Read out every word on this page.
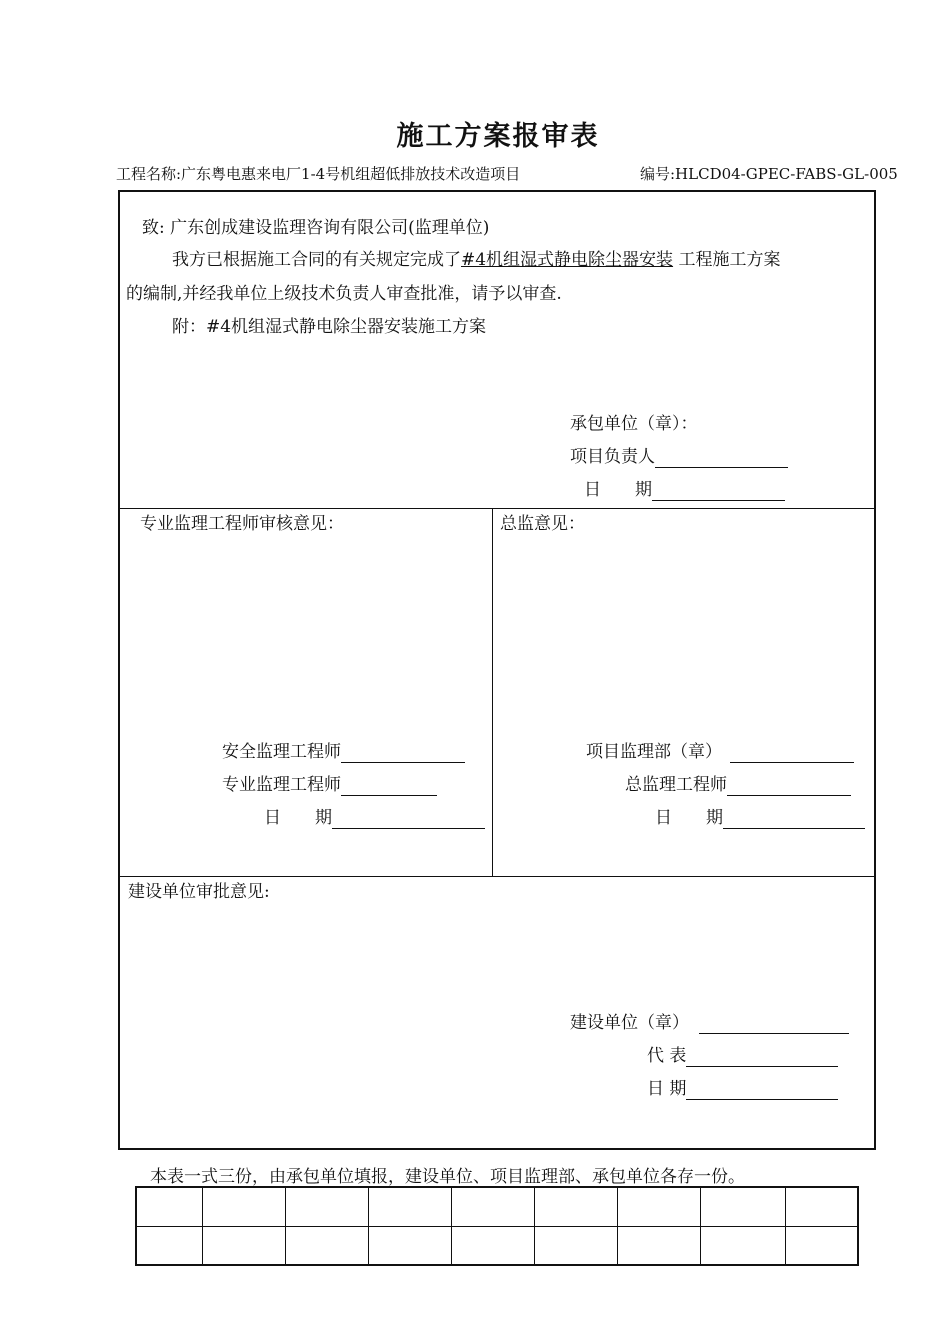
施工方案报审表
工程名称:广东粤电惠来电厂1-4号机组超低排放技术改造项目	编号:HLCD04-GPEC-FABS-GL-005
致: 广东创成建设监理咨询有限公司(监理单位)
我方已根据施工合同的有关规定完成了#4机组湿式静电除尘器安装 工程施工方案
的编制,并经我单位上级技术负责人审查批准，请予以审查.
附：#4机组湿式静电除尘器安装施工方案
承包单位（章）：
项目负责人
日　　期
专业监理工程师审核意见：	总监意见：
安全监理工程师
专业监理工程师
日　　期
项目监理部（章）
总监理工程师
日　　期
建设单位审批意见:
建设单位（章）
代 表
日 期
本表一式三份，由承包单位填报，建设单位、项目监理部、承包单位各存一份。
